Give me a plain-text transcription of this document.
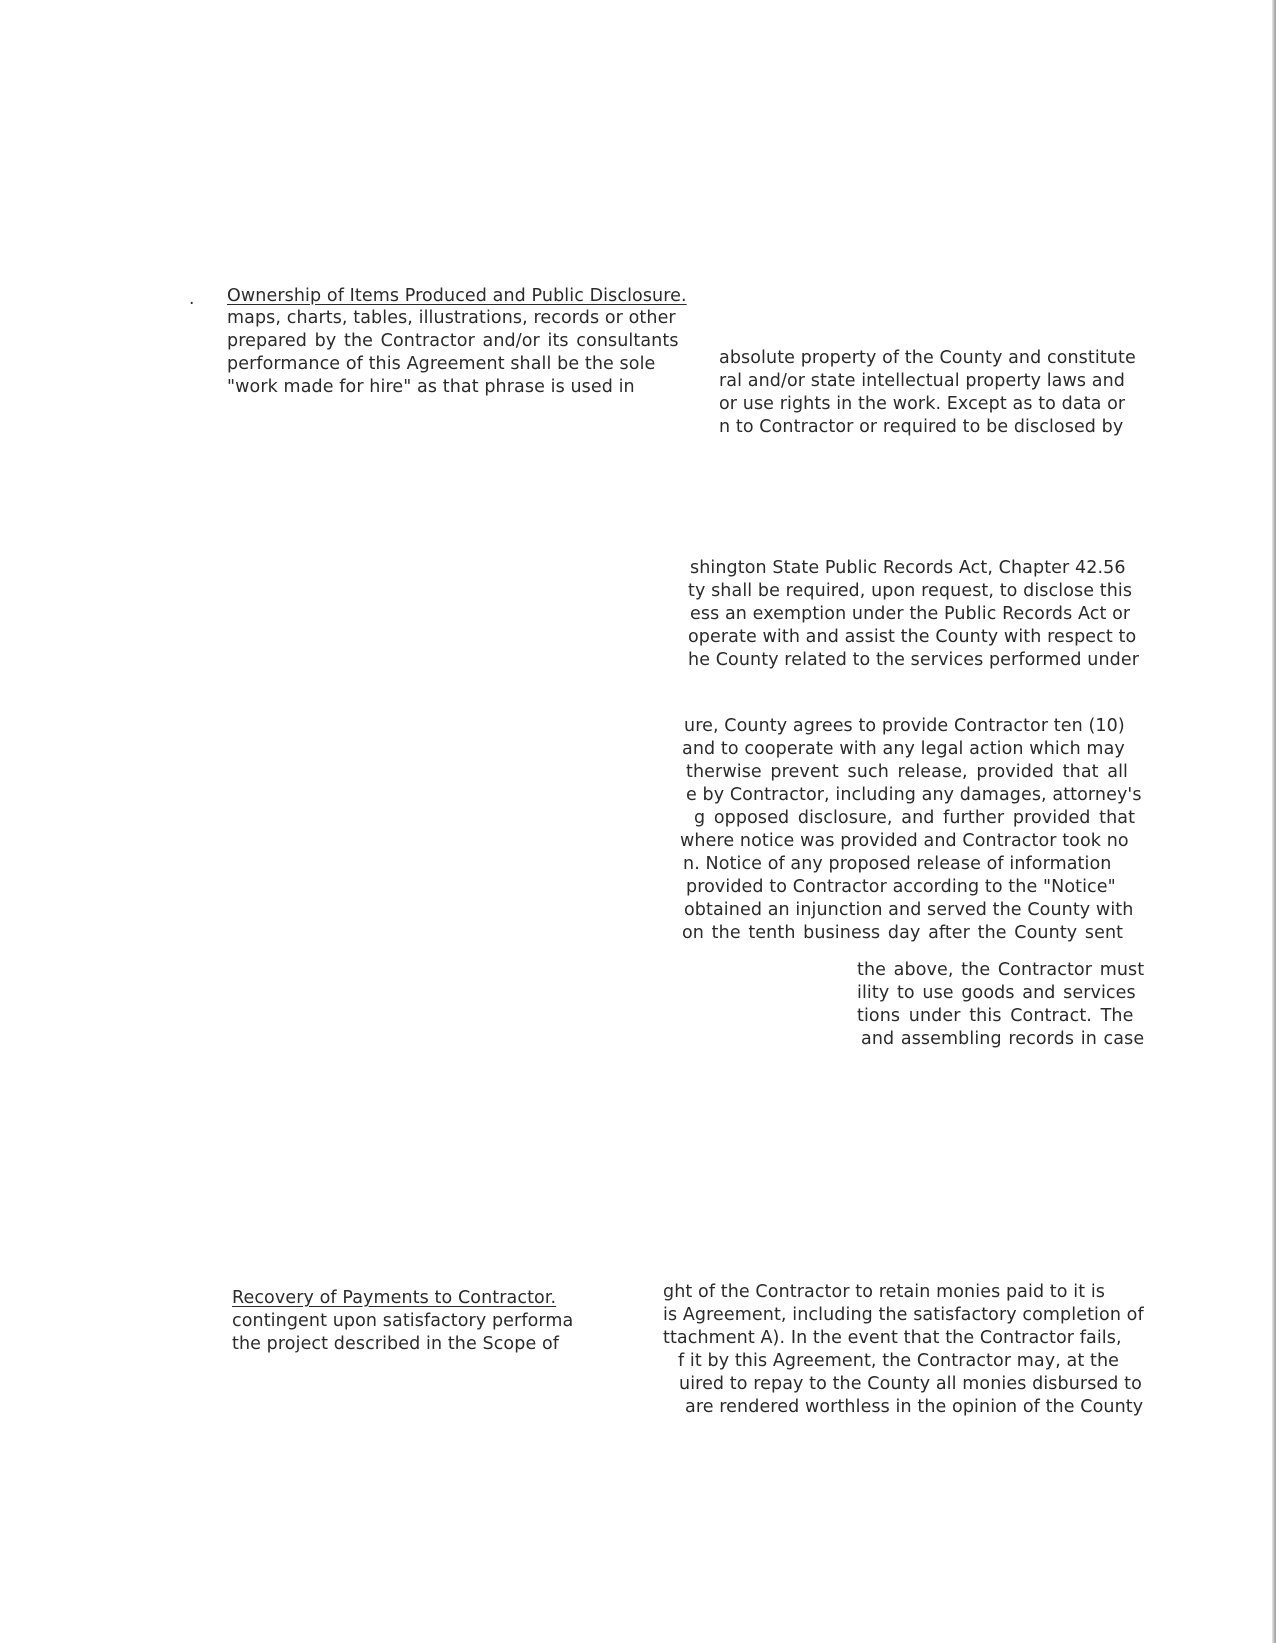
. Ownership of Items Produced and Public Disclosure.
maps, charts, tables, illustrations, records or other
prepared by the Contractor and/or its consultants
performance of this Agreement shall be the sole
"work made for hire" as that phrase is used in
absolute property of the County and constitute
ral and/or state intellectual property laws and
or use rights in the work. Except as to data or
n to Contractor or required to be disclosed by
shington State Public Records Act, Chapter 42.56
ty shall be required, upon request, to disclose this
ess an exemption under the Public Records Act or
operate with and assist the County with respect to
he County related to the services performed under
ure, County agrees to provide Contractor ten (10)
and to cooperate with any legal action which may
therwise prevent such release, provided that all
e by Contractor, including any damages, attorney's
g opposed disclosure, and further provided that
where notice was provided and Contractor took no
n. Notice of any proposed release of information
provided to Contractor according to the "Notice"
obtained an injunction and served the County with
on the tenth business day after the County sent
the above, the Contractor must
ility to use goods and services
tions under this Contract. The
and assembling records in case
Recovery of Payments to Contractor.
contingent upon satisfactory performa
the project described in the Scope of
ght of the Contractor to retain monies paid to it is
is Agreement, including the satisfactory completion of
ttachment A). In the event that the Contractor fails,
f it by this Agreement, the Contractor may, at the
uired to repay to the County all monies disbursed to
are rendered worthless in the opinion of the County
